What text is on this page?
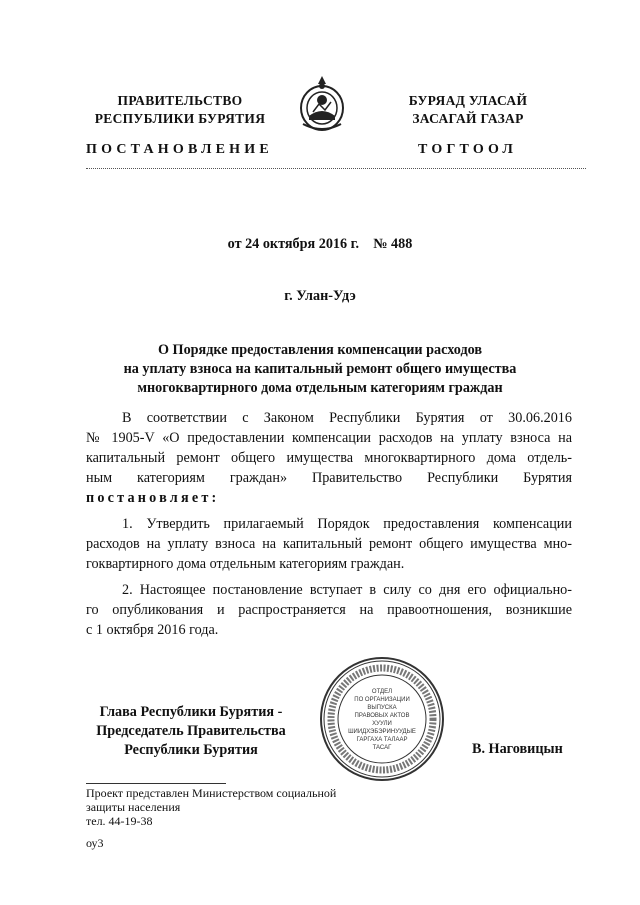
ПРАВИТЕЛЬСТВО
РЕСПУБЛИКИ БУРЯТИЯ
БУРЯАД УЛАСАЙ
ЗАСАГАЙ ГАЗАР
ПОСТАНОВЛЕНИЕ	ТОГТООЛ
от 24 октября 2016 г.    № 488
г. Улан-Удэ
О Порядке предоставления компенсации расходов
на уплату взноса на капитальный ремонт общего имущества
многоквартирного дома отдельным категориям граждан
В соответствии с Законом Республики Бурятия от 30.06.2016
№ 1905-V «О предоставлении компенсации расходов на уплату взноса на
капитальный ремонт общего имущества многоквартирного дома отдель-
ным категориям граждан» Правительство Республики Бурятия
постановляет:
1. Утвердить прилагаемый Порядок предоставления компенсации
расходов на уплату взноса на капитальный ремонт общего имущества мно-
гоквартирного дома отдельным категориям граждан.
2. Настоящее постановление вступает в силу со дня его официально-
го опубликования и распространяется на правоотношения, возникшие
с 1 октября 2016 года.
Глава Республики Бурятия -
Председатель Правительства
Республики Бурятия
ОТДЕЛ
ПО ОРГАНИЗАЦИИ
ВЫПУСКА
ПРАВОВЫХ АКТОВ
ХУУЛИ
ШИИДХЭБЭРИНУУДЫЕ
ГАРГАХА ТАЛААР
ТАСАГ	В. Наговицын
Проект представлен Министерством социальной
защиты населения
тел. 44-19-38
оу3
